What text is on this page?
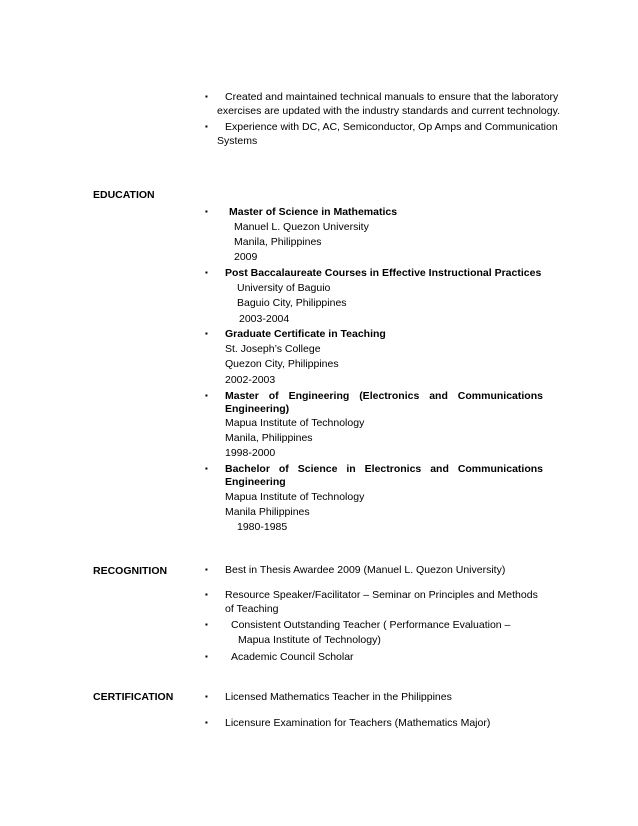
▪ Created and maintained technical manuals to ensure that the laboratory
exercises are updated with the industry standards and current technology.
▪ Experience with DC, AC, Semiconductor, Op Amps and Communication
Systems
EDUCATION
▪ Master of Science in Mathematics
Manuel L. Quezon University
Manila, Philippines
2009
▪ Post Baccalaureate Courses in Effective Instructional Practices
University of Baguio
Baguio City, Philippines
2003-2004
▪ Graduate Certificate in Teaching
St. Joseph’s College
Quezon City, Philippines
2002-2003
▪ Master of Engineering (Electronics and Communications
Engineering)
Mapua Institute of Technology
Manila, Philippines
1998-2000
▪ Bachelor of Science in Electronics and Communications
Engineering
Mapua Institute of Technology
Manila Philippines
1980-1985
RECOGNITION	▪ Best in Thesis Awardee 2009 (Manuel L. Quezon University)
▪ Resource Speaker/Facilitator – Seminar on Principles and Methods
of Teaching
▪ Consistent Outstanding Teacher ( Performance Evaluation –
Mapua Institute of Technology)
▪ Academic Council Scholar
CERTIFICATION	▪ Licensed Mathematics Teacher in the Philippines
▪ Licensure Examination for Teachers (Mathematics Major)
